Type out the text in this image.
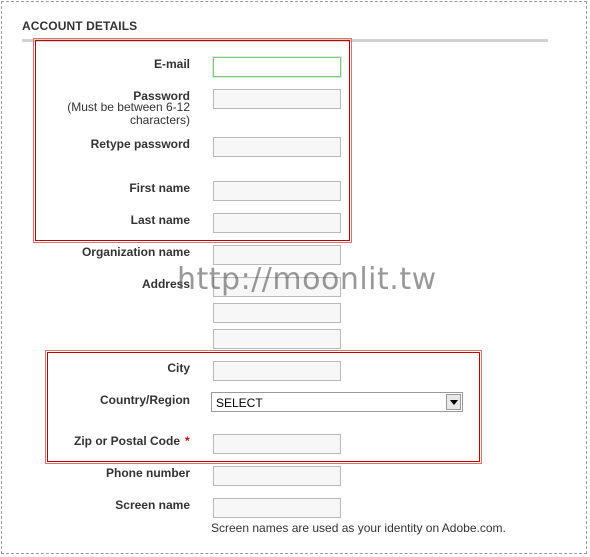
ACCOUNT DETAILS
E-mail
Password
(Must be between 6-12
characters)
Retype password
First name
Last name
Organization name
Address
City
Country/Region SELECT
Zip or Postal Code *
Phone number
Screen name
Screen names are used as your identity on Adobe.com.
http://moonlit.tw
